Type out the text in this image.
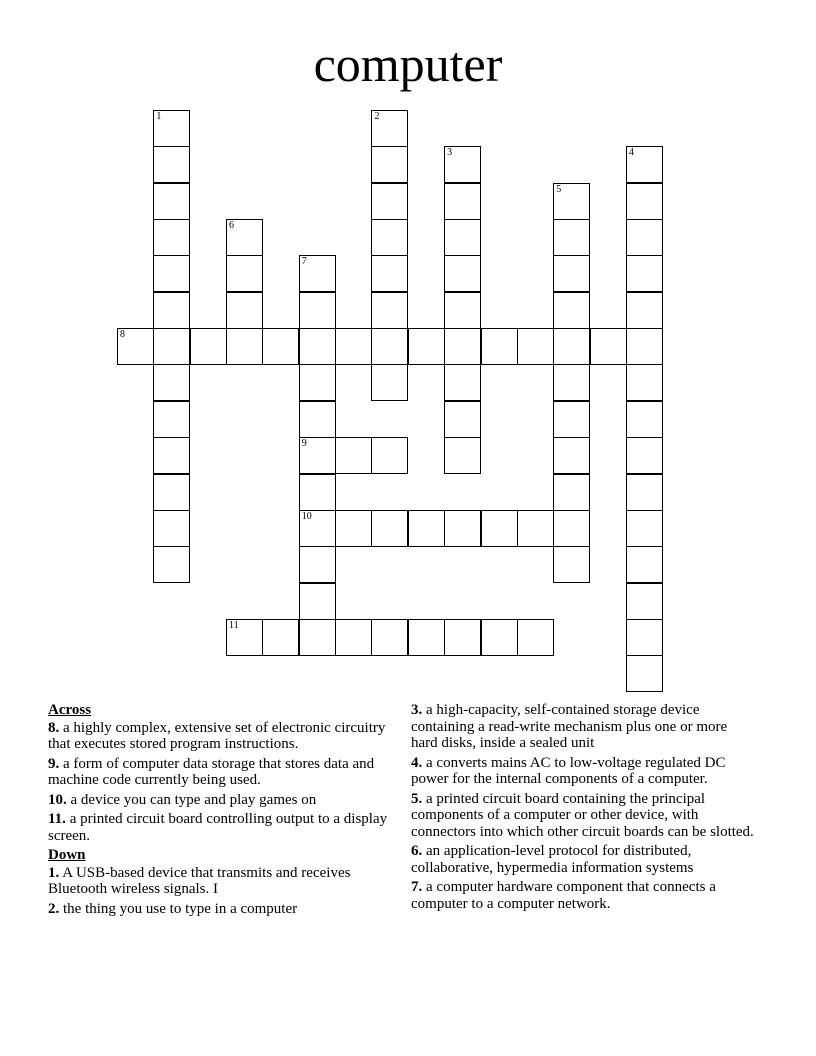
computer
1	2
3	4
5
6
7
9
10
8
11
Across
8. a highly complex, extensive set of electronic circuitry that executes stored program instructions.
9. a form of computer data storage that stores data and machine code currently being used.
10. a device you can type and play games on
11. a printed circuit board controlling output to a display screen.
Down
1. A USB-based device that transmits and receives Bluetooth wireless signals. I
2. the thing you use to type in a computer
3. a high-capacity, self-contained storage device containing a read-write mechanism plus one or more hard disks, inside a sealed unit
4. a converts mains AC to low-voltage regulated DC power for the internal components of a computer.
5. a printed circuit board containing the principal components of a computer or other device, with connectors into which other circuit boards can be slotted.
6. an application-level protocol for distributed, collaborative, hypermedia information systems
7. a computer hardware component that connects a computer to a computer network.
